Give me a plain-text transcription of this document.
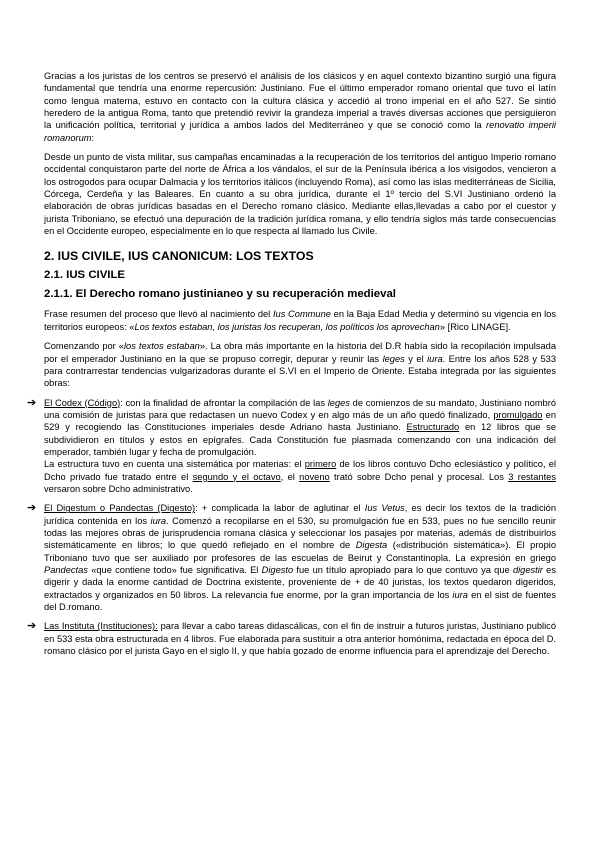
Gracias a los juristas de los centros se preservó el análisis de los clásicos y en aquel contexto bizantino surgió una figura fundamental que tendría una enorme repercusión: Justiniano. Fue el último emperador romano oriental que tuvo el latín como lengua materna, estuvo en contacto con la cultura clásica y accedió al trono imperial en el año 527. Se sintió heredero de la antigua Roma, tanto que pretendió revivir la grandeza imperial a través diversas acciones que persiguieron la unificación política, territorial y jurídica a ambos lados del Mediterráneo y que se conoció como la renovatio imperii romanorum:

Desde un punto de vista militar, sus campañas encaminadas a la recuperación de los territorios del antiguo Imperio romano occidental conquistaron parte del norte de África a los vándalos, el sur de la Península ibérica a los visigodos, vencieron a los ostrogodos para ocupar Dalmacia y los territorios itálicos (incluyendo Roma), así como las islas mediterráneas de Sicilia, Córcega, Cerdeña y las Baleares. En cuanto a su obra jurídica, durante el 1º tercio del S.VI Justiniano ordenó la elaboración de obras jurídicas basadas en el Derecho romano clásico. Mediante ellas,llevadas a cabo por el cuestor y jurista Triboniano, se efectuó una depuración de la tradición jurídica romana, y ello tendría siglos más tarde consecuencias en el Occidente europeo, especialmente en lo que respecta al llamado Ius Civile.

2. IUS CIVILE, IUS CANONICUM: LOS TEXTOS
2.1. IUS CIVILE
2.1.1. El Derecho romano justinianeo y su recuperación medieval

Frase resumen del proceso que llevó al nacimiento del Ius Commune en la Baja Edad Media y determinó su vigencia en los territorios europeos: «Los textos estaban, los juristas los recuperan, los políticos los aprovechan» [Rico LINAGE].

Comenzando por «los textos estaban». La obra más importante en la historia del D.R había sido la recopilación impulsada por el emperador Justiniano en la que se propuso corregir, depurar y reunir las leges y el iura. Entre los años 528 y 533 para contrarrestar tendencias vulgarizadoras durante el S.VI en el Imperio de Oriente. Estaba integrada por las siguientes obras:

➔ El Codex (Código): con la finalidad de afrontar la compilación de las leges de comienzos de su mandato, Justiniano nombró una comisión de juristas para que redactasen un nuevo Codex y en algo más de un año quedó finalizado, promulgado en 529 y recogiendo las Constituciones imperiales desde Adriano hasta Justiniano. Estructurado en 12 libros que se subdividieron en títulos y estos en epígrafes. Cada Constitución fue plasmada comenzando con una indicación del emperador, también lugar y fecha de promulgación.

La estructura tuvo en cuenta una sistemática por materias: el primero de los libros contuvo Dcho eclesiástico y político, el Dcho privado fue tratado entre el segundo y el octavo, el noveno trató sobre Dcho penal y procesal. Los 3 restantes versaron sobre Dcho administrativo.

➔ El Digestum o Pandectas (Digesto): + complicada la labor de aglutinar el Ius Vetus, es decir los textos de la tradición jurídica contenida en los iura. Comenzó a recopilarse en el 530, su promulgación fue en 533, pues no fue sencillo reunir todas las mejores obras de jurisprudencia romana clásica y seleccionar los pasajes por materias, además de distribuirlos sistemáticamente en libros; lo que quedó reflejado en el nombre de Digesta («distribución sistemática»). El propio Triboniano tuvo que ser auxiliado por profesores de las escuelas de Beirut y Constantinopla. La expresión en griego Pandectas «que contiene todo» fue significativa. El Digesto fue un título apropiado para lo que contuvo ya que digestir es digerir y dada la enorme cantidad de Doctrina existente, proveniente de + de 40 juristas, los textos quedaron digeridos, extractados y organizados en 50 libros. La relevancia fue enorme, por la gran importancia de los iura en el sist de fuentes del D.romano.

➔ Las Instituta (Instituciones): para llevar a cabo tareas didascálicas, con el fin de instruir a futuros juristas, Justiniano publicó en 533 esta obra estructurada en 4 libros. Fue elaborada para sustituir a otra anterior homónima, redactada en época del D. romano clásico por el jurista Gayo en el siglo II, y que había gozado de enorme influencia para el aprendizaje del Derecho.
